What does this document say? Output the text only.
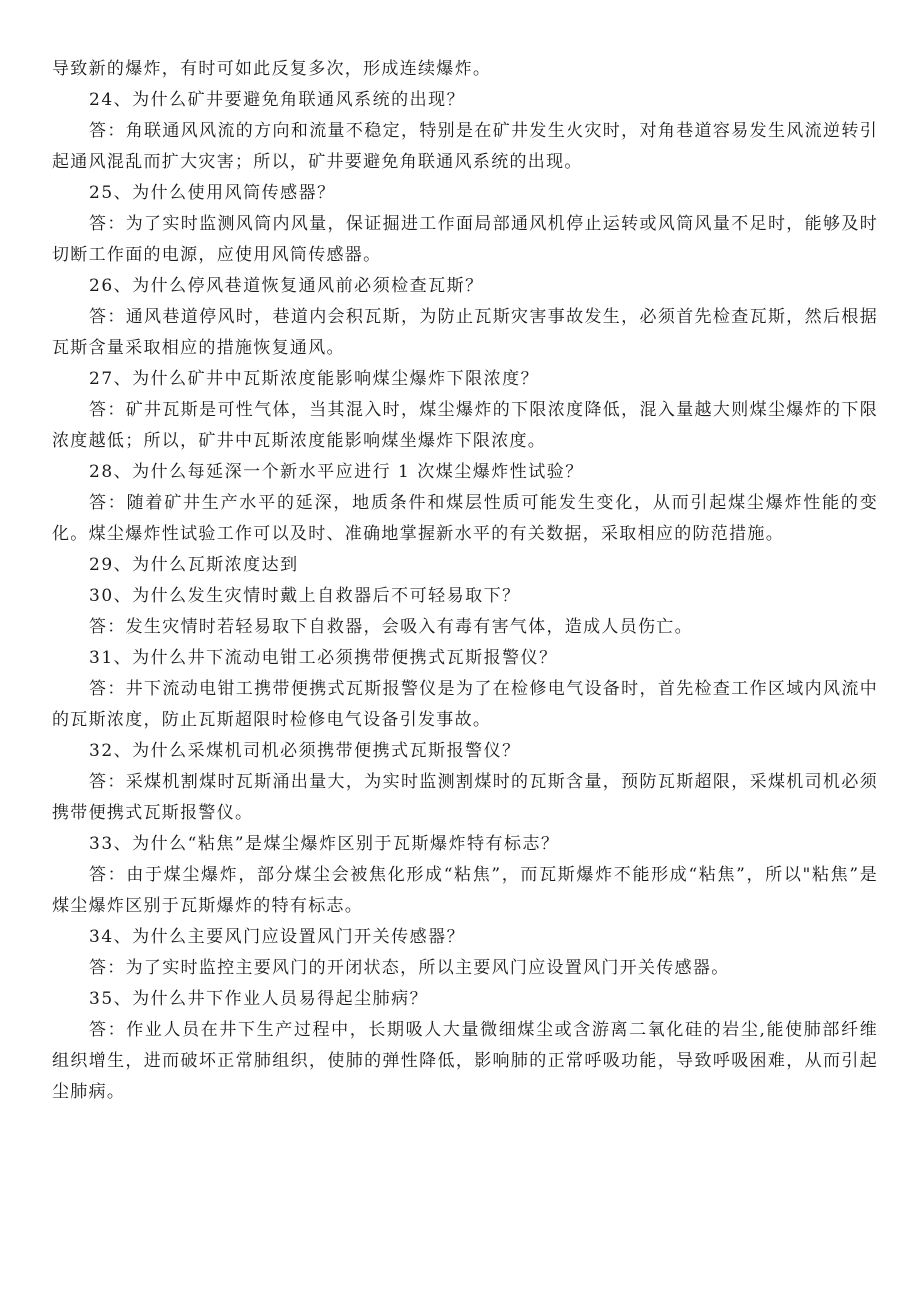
导致新的爆炸，有时可如此反复多次，形成连续爆炸。

24、为什么矿井要避免角联通风系统的出现？

答：角联通风风流的方向和流量不稳定，特别是在矿井发生火灾时，对角巷道容易发生风流逆转引起通风混乱而扩大灾害；所以，矿井要避免角联通风系统的出现。

25、为什么使用风筒传感器？

答：为了实时监测风筒内风量，保证掘进工作面局部通风机停止运转或风筒风量不足时，能够及时切断工作面的电源，应使用风筒传感器。

26、为什么停风巷道恢复通风前必须检查瓦斯？

答：通风巷道停风时，巷道内会积瓦斯，为防止瓦斯灾害事故发生，必须首先检查瓦斯，然后根据瓦斯含量采取相应的措施恢复通风。

27、为什么矿井中瓦斯浓度能影响煤尘爆炸下限浓度？

答：矿井瓦斯是可性气体，当其混入时，煤尘爆炸的下限浓度降低，混入量越大则煤尘爆炸的下限浓度越低；所以，矿井中瓦斯浓度能影响煤坐爆炸下限浓度。

28、为什么每延深一个新水平应进行 1 次煤尘爆炸性试验？

答：随着矿井生产水平的延深，地质条件和煤层性质可能发生变化，从而引起煤尘爆炸性能的变化。煤尘爆炸性试验工作可以及时、准确地掌握新水平的有关数据，采取相应的防范措施。

29、为什么瓦斯浓度达到

30、为什么发生灾情时戴上自救器后不可轻易取下？

答：发生灾情时若轻易取下自救器，会吸入有毒有害气体，造成人员伤亡。

31、为什么井下流动电钳工必须携带便携式瓦斯报警仪？

答：井下流动电钳工携带便携式瓦斯报警仪是为了在检修电气设备时，首先检查工作区域内风流中的瓦斯浓度，防止瓦斯超限时检修电气设备引发事故。

32、为什么采煤机司机必须携带便携式瓦斯报警仪？

答：采煤机割煤时瓦斯涌出量大，为实时监测割煤时的瓦斯含量，预防瓦斯超限，采煤机司机必须携带便携式瓦斯报警仪。

33、为什么“粘焦”是煤尘爆炸区别于瓦斯爆炸特有标志？

答：由于煤尘爆炸，部分煤尘会被焦化形成“粘焦”，而瓦斯爆炸不能形成“粘焦”，所以"粘焦”是煤尘爆炸区别于瓦斯爆炸的特有标志。

34、为什么主要风门应设置风门开关传感器？

答：为了实时监控主要风门的开闭状态，所以主要风门应设置风门开关传感器。

35、为什么井下作业人员易得起尘肺病？

答：作业人员在井下生产过程中，长期吸人大量微细煤尘或含游离二氧化硅的岩尘,能使肺部纤维组织增生，进而破坏正常肺组织，使肺的弹性降低，影响肺的正常呼吸功能，导致呼吸困难，从而引起尘肺病。
